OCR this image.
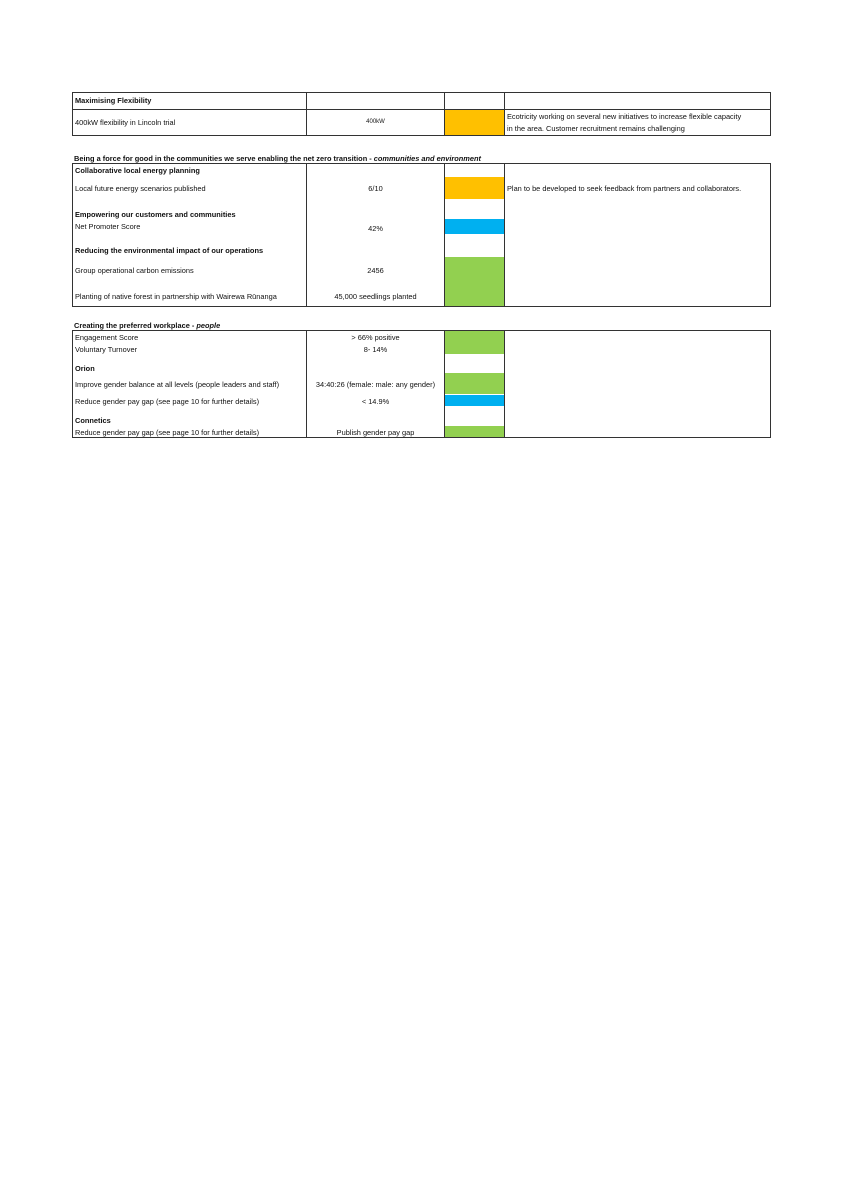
Maximising Flexibility
400kW flexibility in Lincoln trial	400kW
Ecotricity working on several new initiatives to increase flexible capacity
in the area. Customer recruitment remains challenging
Being a force for good in the communities we serve enabling the net zero transition - communities and environment
Collaborative local energy planning
Local future energy scenarios published	6/10	Plan to be developed to seek feedback from partners and collaborators.
Empowering our customers and communities
Net Promoter Score	42%
Reducing the environmental impact of our operations
Group operational carbon emissions	2456
Planting of native forest in partnership with Wairewa Rūnanga	45,000 seedlings planted
Creating the preferred workplace - people
Engagement Score	> 66% positive
Voluntary Turnover	8- 14%
Orion
Improve gender balance at all levels (people leaders and staff)	34:40:26 (female: male: any gender)
Reduce gender pay gap (see page 10 for further details)	< 14.9%
Connetics
Reduce gender pay gap (see page 10 for further details)	Publish gender pay gap
